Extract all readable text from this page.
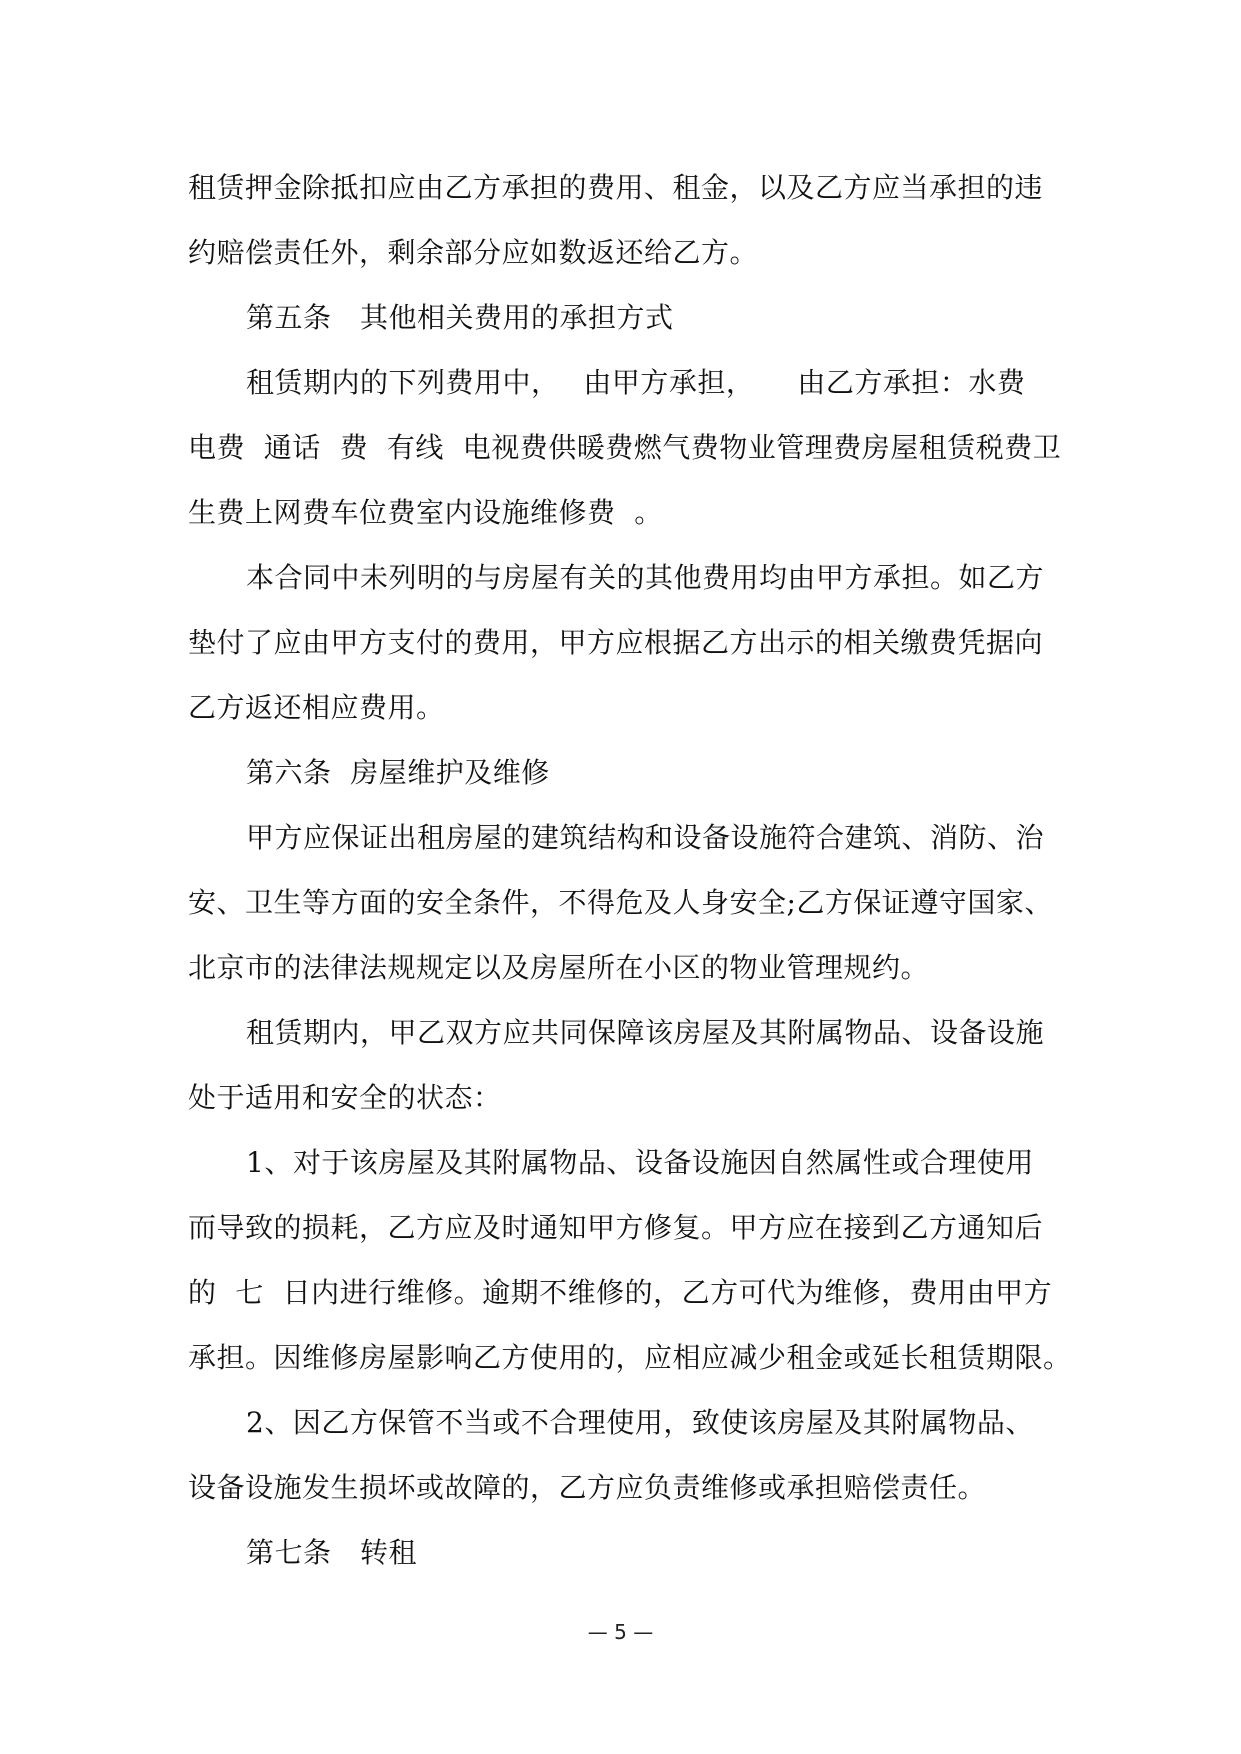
租赁押金除抵扣应由乙方承担的费用、租金，以及乙方应当承担的违
约赔偿责任外，剩余部分应如数返还给乙方。
第五条　其他相关费用的承担方式
租赁期内的下列费用中，　 由甲方承担，　　由乙方承担：水费
电费  通话  费  有线  电视费供暖费燃气费物业管理费房屋租赁税费卫
生费上网费车位费室内设施维修费  。
本合同中未列明的与房屋有关的其他费用均由甲方承担。如乙方
垫付了应由甲方支付的费用，甲方应根据乙方出示的相关缴费凭据向
乙方返还相应费用。
第六条  房屋维护及维修
甲方应保证出租房屋的建筑结构和设备设施符合建筑、消防、治
安、卫生等方面的安全条件，不得危及人身安全;乙方保证遵守国家、
北京市的法律法规规定以及房屋所在小区的物业管理规约。
租赁期内，甲乙双方应共同保障该房屋及其附属物品、设备设施
处于适用和安全的状态：
1、对于该房屋及其附属物品、设备设施因自然属性或合理使用
而导致的损耗，乙方应及时通知甲方修复。甲方应在接到乙方通知后
的  七  日内进行维修。逾期不维修的，乙方可代为维修，费用由甲方
承担。因维修房屋影响乙方使用的，应相应减少租金或延长租赁期限。
2、因乙方保管不当或不合理使用，致使该房屋及其附属物品、
设备设施发生损坏或故障的，乙方应负责维修或承担赔偿责任。
第七条　转租
— 5 —
